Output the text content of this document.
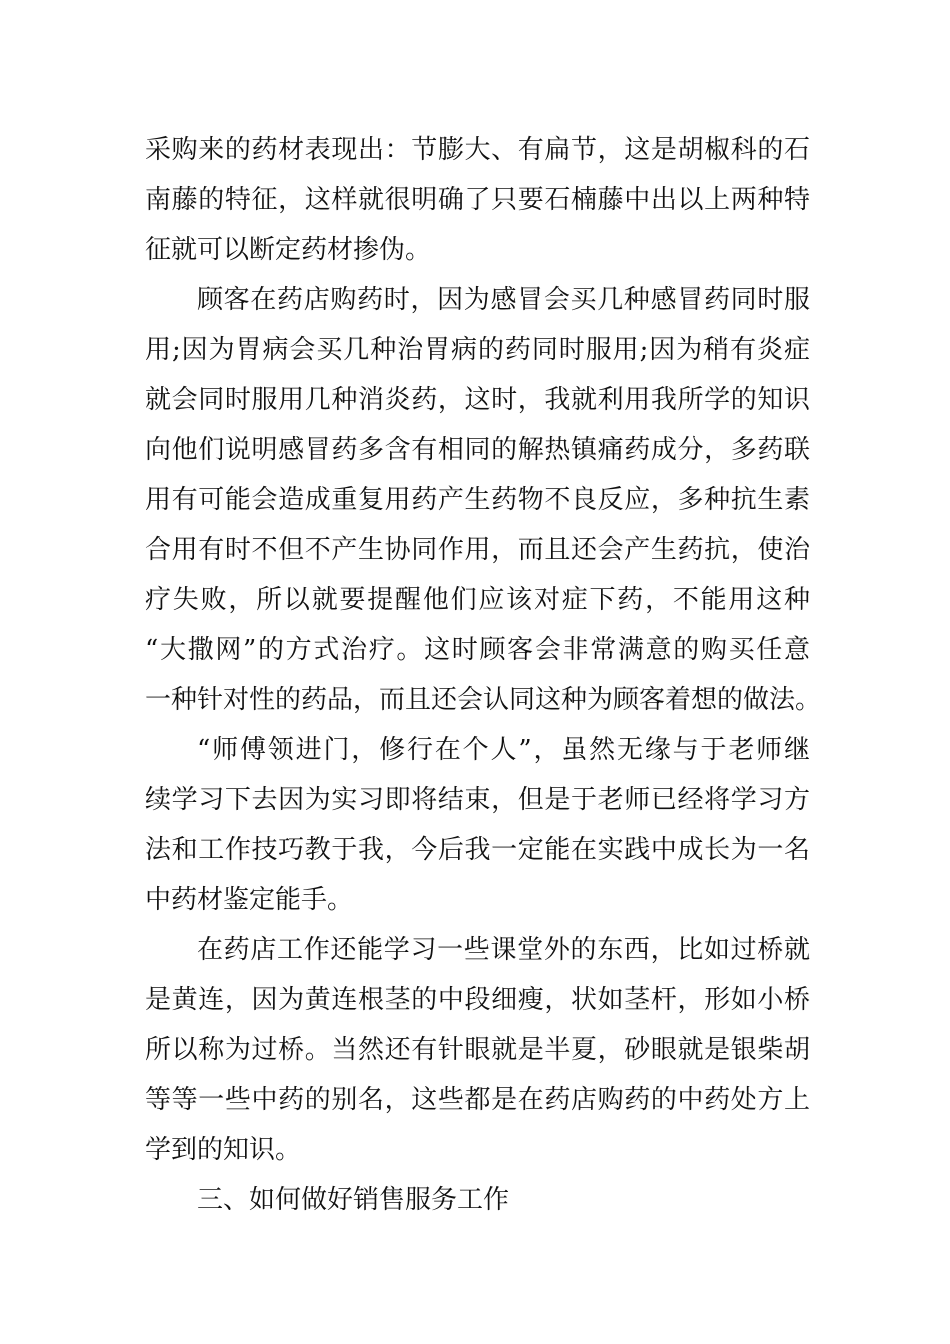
采购来的药材表现出：节膨大、有扁节，这是胡椒科的石
南藤的特征，这样就很明确了只要石楠藤中出以上两种特
征就可以断定药材掺伪。
顾客在药店购药时，因为感冒会买几种感冒药同时服
用;因为胃病会买几种治胃病的药同时服用;因为稍有炎症
就会同时服用几种消炎药，这时，我就利用我所学的知识
向他们说明感冒药多含有相同的解热镇痛药成分，多药联
用有可能会造成重复用药产生药物不良反应，多种抗生素
合用有时不但不产生协同作用，而且还会产生药抗，使治
疗失败，所以就要提醒他们应该对症下药，不能用这种
“大撒网”的方式治疗。这时顾客会非常满意的购买任意
一种针对性的药品，而且还会认同这种为顾客着想的做法。
“师傅领进门，修行在个人”，虽然无缘与于老师继
续学习下去因为实习即将结束，但是于老师已经将学习方
法和工作技巧教于我，今后我一定能在实践中成长为一名
中药材鉴定能手。
在药店工作还能学习一些课堂外的东西，比如过桥就
是黄连，因为黄连根茎的中段细瘦，状如茎杆，形如小桥
所以称为过桥。当然还有针眼就是半夏，砂眼就是银柴胡
等等一些中药的别名，这些都是在药店购药的中药处方上
学到的知识。
三、如何做好销售服务工作
